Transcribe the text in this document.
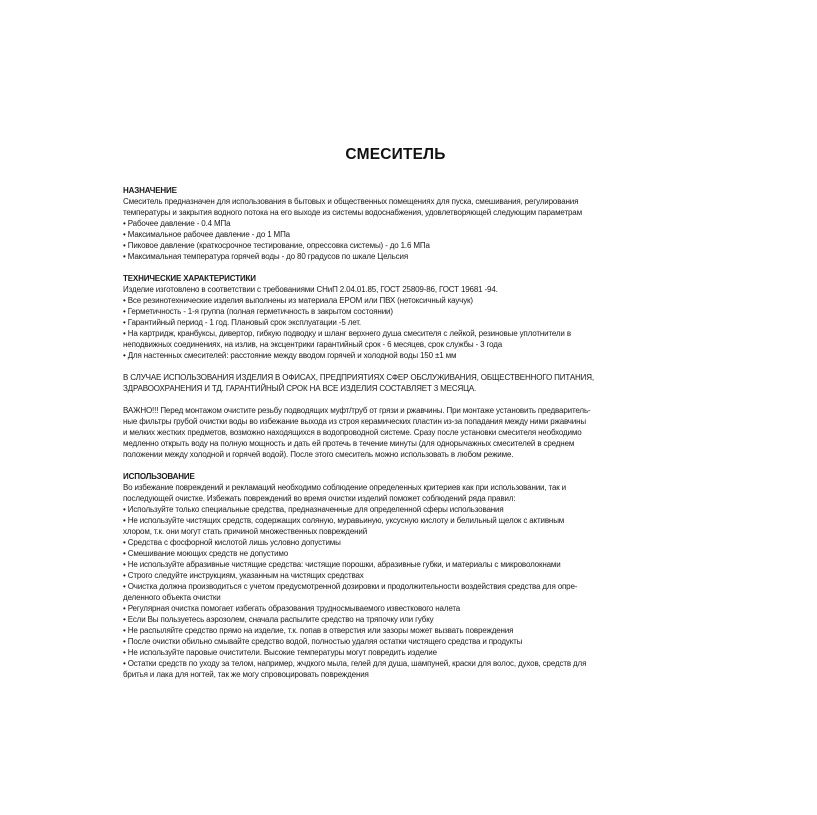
СМЕСИТЕЛЬ
НАЗНАЧЕНИЕ
Смеситель предназначен для использования в бытовых и общественных помещениях для пуска, смешивания, регулирования
температуры и закрытия водного потока на его выходе из системы водоснабжения, удовлетворяющей следующим параметрам
• Рабочее давление - 0.4 МПа
• Максимальное рабочее давление - до 1 МПа
• Пиковое давление (краткосрочное тестирование, опрессовка системы) - до 1.6 МПа
• Максимальная температура горячей воды - до 80 градусов по шкале Цельсия
ТЕХНИЧЕСКИЕ ХАРАКТЕРИСТИКИ
Изделие изготовлено в соответствии с требованиями СНиП 2.04.01.85, ГОСТ 25809-86, ГОСТ 19681 -94.
• Все резинотехнические изделия выполнены из материала EPOM или ПВХ (нетоксичный каучук)
• Герметичность - 1-я группа (полная герметичность в закрытом состоянии)
• Гарантийный период - 1 год. Плановый срок эксплуатации -5 лет.
• На картридж, кранбуксы, дивертор, гибкую подводку и шланг верхнего душа смесителя с лейкой, резиновые уплотнители в
неподвижных соединениях, на излив, на эксцентрики гарантийный срок - 6 месяцев, срок службы - 3 года
• Для настенных смесителей: расстояние между вводом горячей и холодной воды 150 ±1 мм
В СЛУЧАЕ ИСПОЛЬЗОВАНИЯ ИЗДЕЛИЯ В ОФИСАХ, ПРЕДПРИЯТИЯХ СФЕР ОБСЛУЖИВАНИЯ, ОБЩЕСТВЕННОГО ПИТАНИЯ,
ЗДРАВООХРАНЕНИЯ И ТД. ГАРАНТИЙНЫЙ СРОК НА ВСЕ ИЗДЕЛИЯ СОСТАВЛЯЕТ 3 МЕСЯЦА.
ВАЖНО!!! Перед монтажом очистите резьбу подводящих муфт/труб от грязи и ржавчины. При монтаже установить предваритель-
ные фильтры грубой очистки воды во избежание выхода из строя керамических пластин из-за попадания между ними ржавчины
и мелких жестких предметов, возможно находящихся в водопроводной системе. Сразу после установки смесителя необходимо
медленно открыть воду на полную мощность и дать ей протечь в течение минуты (для однорычажных смесителей в среднем
положении между холодной и горячей водой). После этого смеситель можно использовать в любом режиме.
ИСПОЛЬЗОВАНИЕ
Во избежание повреждений и рекламаций необходимо соблюдение определенных критериев как при использовании, так и
последующей очистке. Избежать повреждений во время очистки изделий поможет соблюдений ряда правил:
• Используйте только специальные средства, предназначенные для определенной сферы использования
• Не используйте чистящих средств, содержащих соляную, муравьиную, уксусную кислоту и белильный щелок с активным
хлором, т.к. они могут стать причиной множественных повреждений
• Средства с фосфорной кислотой лишь условно допустимы
• Смешивание моющих средств не допустимо
• Не используйте абразивные чистящие средства: чистящие порошки, абразивные губки, и материалы с микроволокнами
• Строго следуйте инструкциям, указанным на чистящих средствах
• Очистка должна производиться с учетом предусмотренной дозировки и продолжительности воздействия средства для опре-
деленного объекта очистки
• Регулярная очистка помогает избегать образования трудносмываемого известкового налета
• Если Вы пользуетесь аэрозолем, сначала распылите средство на тряпочку или губку
• Не распыляйте средство прямо на изделие, т.к. попав в отверстия или зазоры может вызвать повреждения
• После очистки обильно смывайте средство водой, полностью удаляя остатки чистящего средства и продукты
• Не используйте паровые очистители. Высокие температуры могут повредить изделие
• Остатки средств по уходу за телом, например, жчдкого мыла, гелей для душа, шампуней, краски для волос, духов, средств для
бритья и лака для ногтей, так же могу спровоцировать повреждения
